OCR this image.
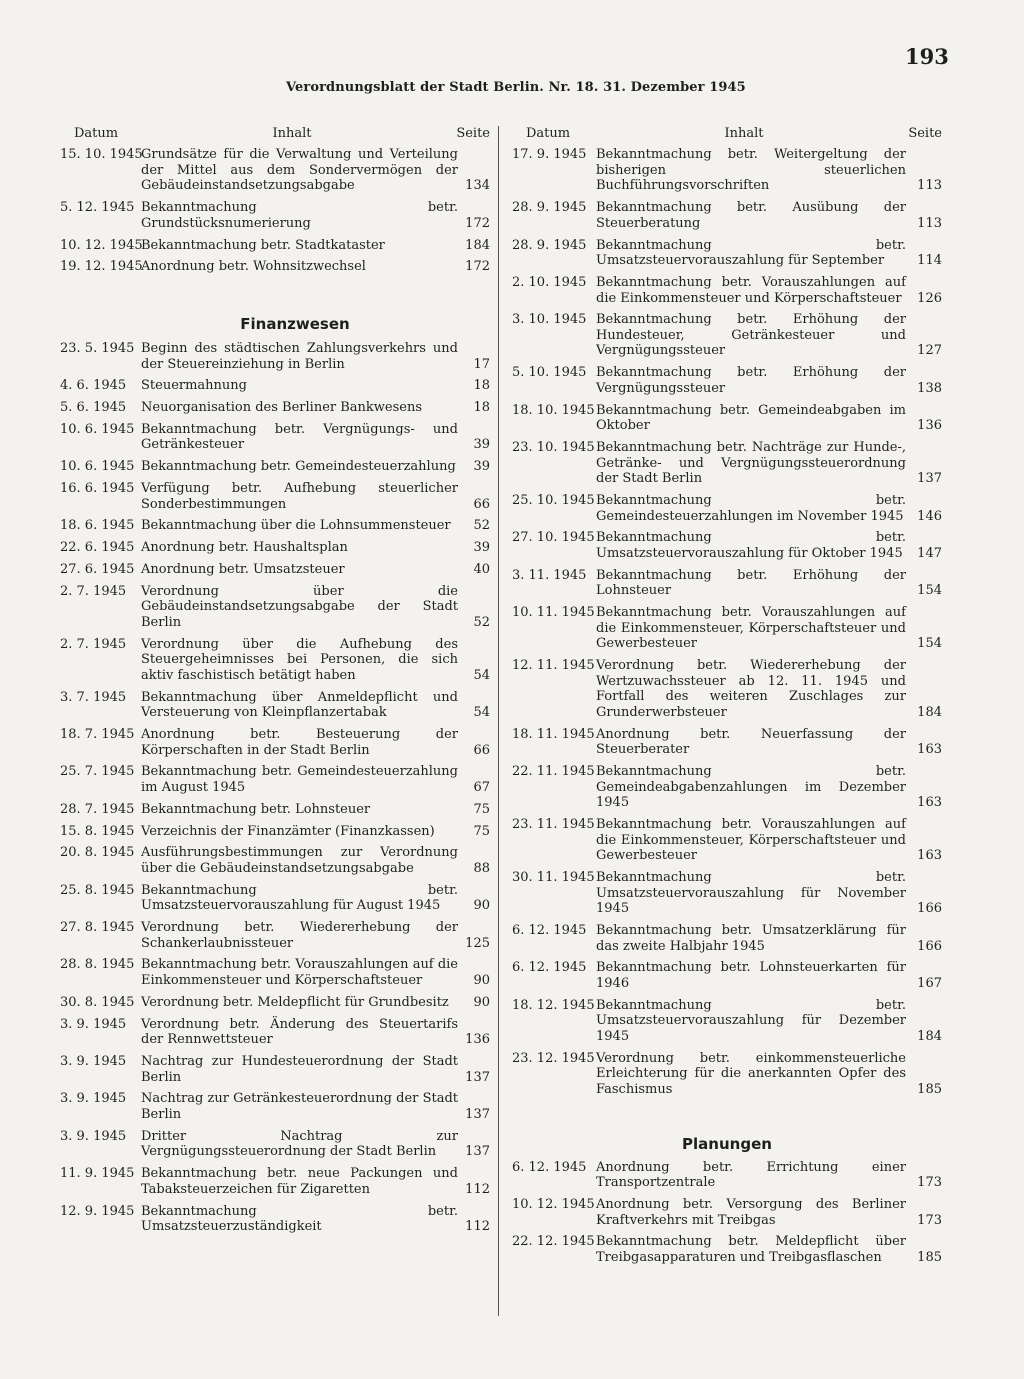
193
Verordnungsblatt der Stadt Berlin. Nr. 18. 31. Dezember 1945
Datum	Inhalt	Seite
15. 10. 1945
Grundsätze für die Verwaltung und Verteilung der Mittel aus dem Sondervermögen der Gebäudeinstandsetzungsabgabe	134
5. 12. 1945 Bekanntmachung betr. Grundstücksnumerierung	172
10. 12. 1945
Bekanntmachung betr. Stadtkataster	184
19. 12. 1945
Anordnung betr. Wohnsitzwechsel	172
Finanzwesen
23. 5. 1945 Beginn des städtischen Zahlungsverkehrs und der Steuereinziehung in Berlin	17
4. 6. 1945	Steuermahnung	18
5. 6. 1945	Neuorganisation des Berliner Bankwesens	18
10. 6. 1945 Bekanntmachung betr. Vergnügungs- und Getränkesteuer	39
10. 6. 1945 Bekanntmachung betr. Gemeindesteuerzahlung	39
16. 6. 1945 Verfügung betr. Aufhebung steuerlicher Sonderbestimmungen	66
18. 6. 1945 Bekanntmachung über die Lohnsummensteuer	52
22. 6. 1945 Anordnung betr. Haushaltsplan	39
27. 6. 1945 Anordnung betr. Umsatzsteuer	40
2. 7. 1945	Verordnung über die Gebäudeinstandsetzungsabgabe der Stadt Berlin	52
2. 7. 1945	Verordnung über die Aufhebung des Steuergeheimnisses bei Personen, die sich aktiv faschistisch betätigt haben	54
3. 7. 1945	Bekanntmachung über Anmeldepflicht und Versteuerung von Kleinpflanzertabak	54
18. 7. 1945 Anordnung betr. Besteuerung der Körperschaften in der Stadt Berlin	66
25. 7. 1945 Bekanntmachung betr. Gemeindesteuerzahlung im August 1945	67
28. 7. 1945 Bekanntmachung betr. Lohnsteuer	75
15. 8. 1945 Verzeichnis der Finanzämter (Finanzkassen)	75
20. 8. 1945 Ausführungsbestimmungen zur Verordnung über die Gebäudeinstandsetzungsabgabe	88
25. 8. 1945 Bekanntmachung betr. Umsatzsteuervorauszahlung für August 1945	90
27. 8. 1945 Verordnung betr. Wiedererhebung der Schankerlaubnissteuer	125
28. 8. 1945 Bekanntmachung betr. Vorauszahlungen auf die Einkommensteuer und Körperschaftsteuer	90
30. 8. 1945 Verordnung betr. Meldepflicht für Grundbesitz	90
3. 9. 1945	Verordnung betr. Änderung des Steuertarifs der Rennwettsteuer	136
3. 9. 1945	Nachtrag zur Hundesteuerordnung der Stadt Berlin	137
3. 9. 1945	Nachtrag zur Getränkesteuerordnung der Stadt Berlin	137
3. 9. 1945	Dritter Nachtrag zur Vergnügungssteuerordnung der Stadt Berlin	137
11. 9. 1945 Bekanntmachung betr. neue Packungen und Tabaksteuerzeichen für Zigaretten	112
12. 9. 1945 Bekanntmachung betr. Umsatzsteuerzuständigkeit	112
Datum	Inhalt	Seite
17. 9. 1945 Bekanntmachung betr. Weitergeltung der bisherigen steuerlichen Buchführungsvorschriften	113
28. 9. 1945 Bekanntmachung betr. Ausübung der Steuerberatung	113
28. 9. 1945 Bekanntmachung betr. Umsatzsteuervorauszahlung für September	114
2. 10. 1945 Bekanntmachung betr. Vorauszahlungen auf die Einkommensteuer und Körperschaftsteuer	126
3. 10. 1945 Bekanntmachung betr. Erhöhung der Hundesteuer, Getränkesteuer und Vergnügungssteuer	127
5. 10. 1945 Bekanntmachung betr. Erhöhung der Vergnügungssteuer	138
18. 10. 1945 Bekanntmachung betr. Gemeindeabgaben im Oktober	136
23. 10. 1945 Bekanntmachung betr. Nachträge zur Hunde-, Getränke- und Vergnügungssteuerordnung der Stadt Berlin	137
25. 10. 1945 Bekanntmachung betr. Gemeindesteuerzahlungen im November 1945	146
27. 10. 1945 Bekanntmachung betr. Umsatzsteuervorauszahlung für Oktober 1945	147
3. 11. 1945 Bekanntmachung betr. Erhöhung der Lohnsteuer	154
10. 11. 1945 Bekanntmachung betr. Vorauszahlungen auf die Einkommensteuer, Körperschaftsteuer und Gewerbesteuer	154
12. 11. 1945 Verordnung betr. Wiedererhebung der Wertzuwachssteuer ab 12. 11. 1945 und Fortfall des weiteren Zuschlages zur Grunderwerbsteuer	184
18. 11. 1945 Anordnung betr. Neuerfassung der Steuerberater	163
22. 11. 1945 Bekanntmachung betr. Gemeindeabgabenzahlungen im Dezember 1945	163
23. 11. 1945 Bekanntmachung betr. Vorauszahlungen auf die Einkommensteuer, Körperschaftsteuer und Gewerbesteuer	163
30. 11. 1945 Bekanntmachung betr. Umsatzsteuervorauszahlung für November 1945	166
6. 12. 1945 Bekanntmachung betr. Umsatzerklärung für das zweite Halbjahr 1945	166
6. 12. 1945 Bekanntmachung betr. Lohnsteuerkarten für 1946	167
18. 12. 1945 Bekanntmachung betr. Umsatzsteuervorauszahlung für Dezember 1945	184
23. 12. 1945 Verordnung betr. einkommensteuerliche Erleichterung für die anerkannten Opfer des Faschismus	185
Planungen
6. 12. 1945 Anordnung betr. Errichtung einer Transportzentrale	173
10. 12. 1945 Anordnung betr. Versorgung des Berliner Kraftverkehrs mit Treibgas	173
22. 12. 1945 Bekanntmachung betr. Meldepflicht über Treibgasapparaturen und Treibgasflaschen	185
